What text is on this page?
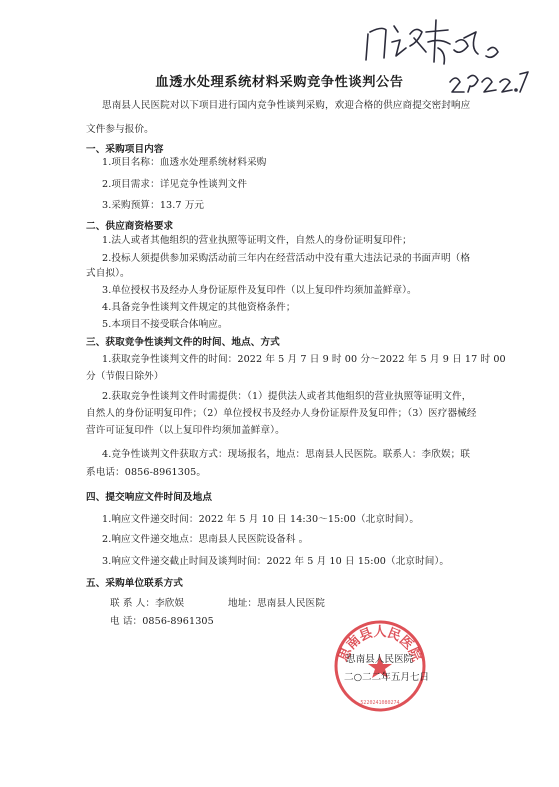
血透水处理系统材料采购竞争性谈判公告
思南县人民医院对以下项目进行国内竞争性谈判采购，欢迎合格的供应商提交密封响应
文件参与报价。
一、采购项目内容
1.项目名称：血透水处理系统材料采购
2.项目需求：详见竞争性谈判文件
3.采购预算：13.7 万元
二、供应商资格要求
1.法人或者其他组织的营业执照等证明文件，自然人的身份证明复印件；
2.投标人须提供参加采购活动前三年内在经营活动中没有重大违法记录的书面声明（格
式自拟）。
3.单位授权书及经办人身份证原件及复印件（以上复印件均须加盖鲜章）。
4.具备竞争性谈判文件规定的其他资格条件；
5.本项目不接受联合体响应。
三、获取竞争性谈判文件的时间、地点、方式
1.获取竞争性谈判文件的时间：2022 年 5 月 7 日 9 时 00 分～2022 年 5 月 9 日 17 时 00
分（节假日除外）
2.获取竞争性谈判文件时需提供：（1）提供法人或者其他组织的营业执照等证明文件，
自然人的身份证明复印件；（2）单位授权书及经办人身份证原件及复印件；（3）医疗器械经
营许可证复印件（以上复印件均须加盖鲜章）。
4.竞争性谈判文件获取方式：现场报名，地点：思南县人民医院。联系人：李欣娱；联
系电话：0856-8961305。
四、提交响应文件时间及地点
1.响应文件递交时间：2022 年 5 月 10 日 14:30～15:00（北京时间）。
2.响应文件递交地点：思南县人民医院设备科 。
3.响应文件递交截止时间及谈判时间：2022 年 5 月 10 日 15:00（北京时间）。
五、采购单位联系方式
联 系 人：李欣娱	地址：思南县人民医院
电 话：0856-8961305
思南县人民医院
5220241080274
思南县人民医院
二○二二年五月七日
